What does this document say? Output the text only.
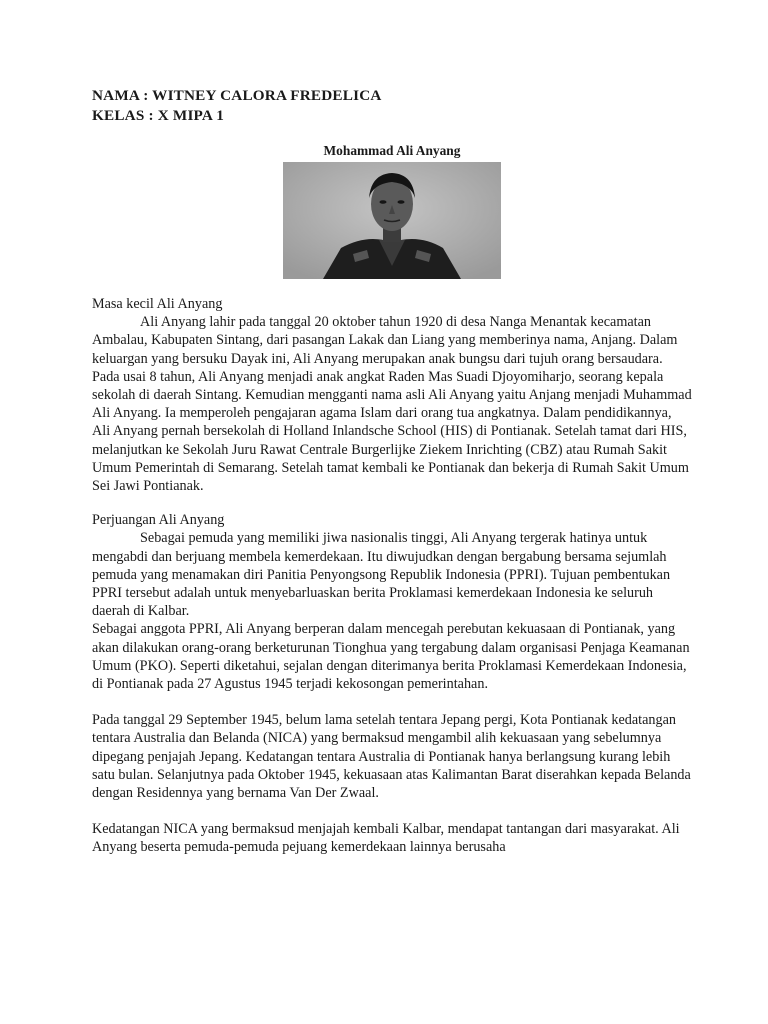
NAMA : WITNEY CALORA FREDELICA
KELAS : X MIPA 1
Mohammad Ali Anyang
Masa kecil Ali Anyang

Ali Anyang lahir pada tanggal 20 oktober tahun 1920 di desa Nanga Menantak kecamatan Ambalau, Kabupaten Sintang, dari pasangan Lakak dan Liang yang memberinya nama, Anjang. Dalam keluargan yang bersuku Dayak ini, Ali Anyang merupakan anak bungsu dari tujuh orang bersaudara.

Pada usai 8 tahun, Ali Anyang menjadi anak angkat Raden Mas Suadi Djoyomiharjo, seorang kepala sekolah di daerah Sintang. Kemudian mengganti nama asli Ali Anyang yaitu Anjang menjadi Muhammad Ali Anyang. Ia memperoleh pengajaran agama Islam dari orang tua angkatnya. Dalam pendidikannya, Ali Anyang pernah bersekolah di Holland Inlandsche School (HIS) di Pontianak. Setelah tamat dari HIS, melanjutkan ke Sekolah Juru Rawat Centrale Burgerlijke Ziekem Inrichting (CBZ) atau Rumah Sakit Umum Pemerintah di Semarang. Setelah tamat kembali ke Pontianak dan bekerja di Rumah Sakit Umum Sei Jawi Pontianak.

Perjuangan Ali Anyang

Sebagai pemuda yang memiliki jiwa nasionalis tinggi, Ali Anyang tergerak hatinya untuk mengabdi dan berjuang membela kemerdekaan. Itu diwujudkan dengan bergabung bersama sejumlah pemuda yang menamakan diri Panitia Penyongsong Republik Indonesia (PPRI). Tujuan pembentukan PPRI tersebut adalah untuk menyebarluaskan berita Proklamasi kemerdekaan Indonesia ke seluruh daerah di Kalbar.

Sebagai anggota PPRI, Ali Anyang berperan dalam mencegah perebutan kekuasaan di Pontianak, yang akan dilakukan orang-orang berketurunan Tionghua yang tergabung dalam organisasi Penjaga Keamanan Umum (PKO). Seperti diketahui, sejalan dengan diterimanya berita Proklamasi Kemerdekaan Indonesia, di Pontianak pada 27 Agustus 1945 terjadi kekosongan pemerintahan.

Pada tanggal 29 September 1945, belum lama setelah tentara Jepang pergi, Kota Pontianak kedatangan tentara Australia dan Belanda (NICA) yang bermaksud mengambil alih kekuasaan yang sebelumnya dipegang penjajah Jepang. Kedatangan tentara Australia di Pontianak hanya berlangsung kurang lebih satu bulan. Selanjutnya pada Oktober 1945, kekuasaan atas Kalimantan Barat diserahkan kepada Belanda dengan Residennya yang bernama Van Der Zwaal.

Kedatangan NICA yang bermaksud menjajah kembali Kalbar, mendapat tantangan dari masyarakat. Ali Anyang beserta pemuda-pemuda pejuang kemerdekaan lainnya berusaha
